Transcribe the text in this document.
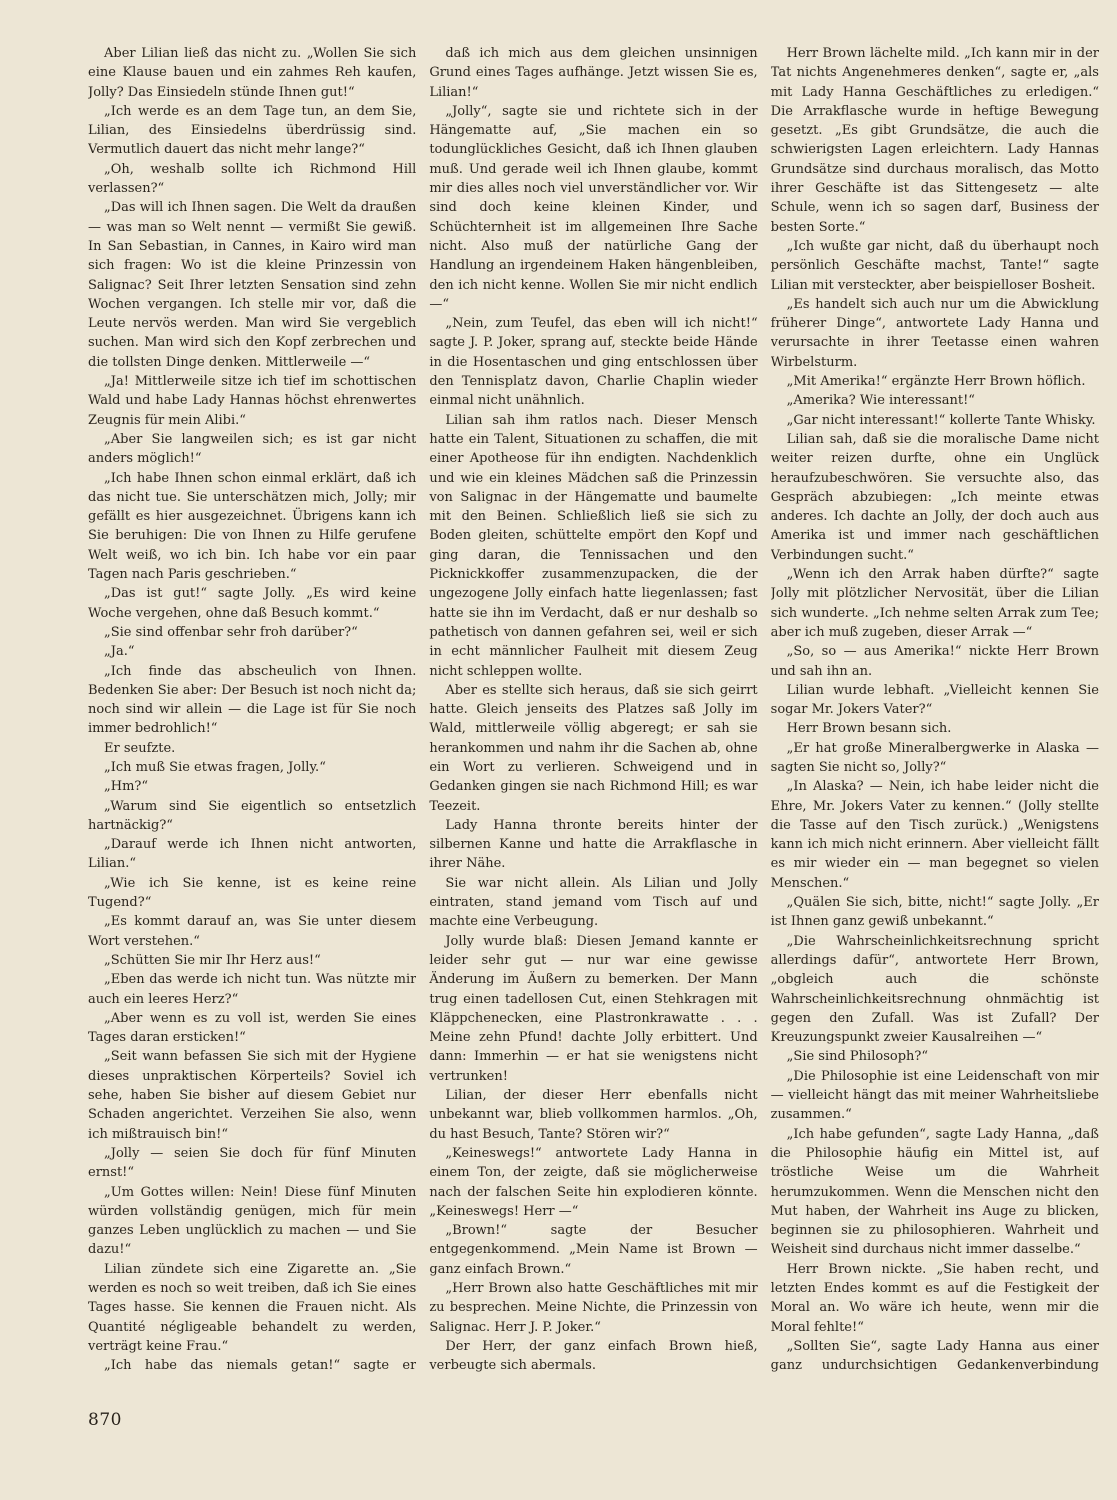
Aber Lilian ließ das nicht zu. „Wollen Sie sich eine Klause bauen und ein zahmes Reh kaufen, Jolly? Das Einsiedeln stünde Ihnen gut!“

„Ich werde es an dem Tage tun, an dem Sie, Lilian, des Einsiedelns überdrüssig sind. Vermutlich dauert das nicht mehr lange?“

„Oh, weshalb sollte ich Richmond Hill verlassen?“

„Das will ich Ihnen sagen. Die Welt da draußen — was man so Welt nennt — vermißt Sie gewiß. In San Sebastian, in Cannes, in Kairo wird man sich fragen: Wo ist die kleine Prinzessin von Salignac? Seit Ihrer letzten Sensation sind zehn Wochen vergangen. Ich stelle mir vor, daß die Leute nervös werden. Man wird Sie vergeblich suchen. Man wird sich den Kopf zerbrechen und die tollsten Dinge denken. Mittlerweile —“

„Ja! Mittlerweile sitze ich tief im schottischen Wald und habe Lady Hannas höchst ehrenwertes Zeugnis für mein Alibi.“

„Aber Sie langweilen sich; es ist gar nicht anders möglich!“

„Ich habe Ihnen schon einmal erklärt, daß ich das nicht tue. Sie unterschätzen mich, Jolly; mir gefällt es hier ausgezeichnet. Übrigens kann ich Sie beruhigen: Die von Ihnen zu Hilfe gerufene Welt weiß, wo ich bin. Ich habe vor ein paar Tagen nach Paris geschrieben.“

„Das ist gut!“ sagte Jolly. „Es wird keine Woche vergehen, ohne daß Besuch kommt.“

„Sie sind offenbar sehr froh darüber?“

„Ja.“

„Ich finde das abscheulich von Ihnen. Bedenken Sie aber: Der Besuch ist noch nicht da; noch sind wir allein — die Lage ist für Sie noch immer bedrohlich!“

Er seufzte.

„Ich muß Sie etwas fragen, Jolly.“

„Hm?“

„Warum sind Sie eigentlich so entsetzlich hartnäckig?“

„Darauf werde ich Ihnen nicht antworten, Lilian.“

„Wie ich Sie kenne, ist es keine reine Tugend?“

„Es kommt darauf an, was Sie unter diesem Wort verstehen.“

„Schütten Sie mir Ihr Herz aus!“

„Eben das werde ich nicht tun. Was nützte mir auch ein leeres Herz?“

„Aber wenn es zu voll ist, werden Sie eines Tages daran ersticken!“

„Seit wann befassen Sie sich mit der Hygiene dieses unpraktischen Körperteils? Soviel ich sehe, haben Sie bisher auf diesem Gebiet nur Schaden angerichtet. Verzeihen Sie also, wenn ich mißtrauisch bin!“

„Jolly — seien Sie doch für fünf Minuten ernst!“

„Um Gottes willen: Nein! Diese fünf Minuten würden vollständig genügen, mich für mein ganzes Leben unglücklich zu machen — und Sie dazu!“

Lilian zündete sich eine Zigarette an. „Sie werden es noch so weit treiben, daß ich Sie eines Tages hasse. Sie kennen die Frauen nicht. Als Quantité négligeable behandelt zu werden, verträgt keine Frau.“

„Ich habe das niemals getan!“ sagte er

daß ich mich aus dem gleichen unsinnigen Grund eines Tages aufhänge. Jetzt wissen Sie es, Lilian!“

„Jolly“, sagte sie und richtete sich in der Hängematte auf, „Sie machen ein so todunglückliches Gesicht, daß ich Ihnen glauben muß. Und gerade weil ich Ihnen glaube, kommt mir dies alles noch viel unverständlicher vor. Wir sind doch keine kleinen Kinder, und Schüchternheit ist im allgemeinen Ihre Sache nicht. Also muß der natürliche Gang der Handlung an irgendeinem Haken hängenbleiben, den ich nicht kenne. Wollen Sie mir nicht endlich —“

„Nein, zum Teufel, das eben will ich nicht!“ sagte J. P. Joker, sprang auf, steckte beide Hände in die Hosentaschen und ging entschlossen über den Tennisplatz davon, Charlie Chaplin wieder einmal nicht unähnlich.

Lilian sah ihm ratlos nach. Dieser Mensch hatte ein Talent, Situationen zu schaffen, die mit einer Apotheose für ihn endigten. Nachdenklich und wie ein kleines Mädchen saß die Prinzessin von Salignac in der Hängematte und baumelte mit den Beinen. Schließlich ließ sie sich zu Boden gleiten, schüttelte empört den Kopf und ging daran, die Tennissachen und den Picknickkoffer zusammenzupacken, die der ungezogene Jolly einfach hatte liegenlassen; fast hatte sie ihn im Verdacht, daß er nur deshalb so pathetisch von dannen gefahren sei, weil er sich in echt männlicher Faulheit mit diesem Zeug nicht schleppen wollte.

Aber es stellte sich heraus, daß sie sich geirrt hatte. Gleich jenseits des Platzes saß Jolly im Wald, mittlerweile völlig abgeregt; er sah sie herankommen und nahm ihr die Sachen ab, ohne ein Wort zu verlieren. Schweigend und in Gedanken gingen sie nach Richmond Hill; es war Teezeit.

Lady Hanna thronte bereits hinter der silbernen Kanne und hatte die Arrakflasche in ihrer Nähe.

Sie war nicht allein. Als Lilian und Jolly eintraten, stand jemand vom Tisch auf und machte eine Verbeugung.

Jolly wurde blaß: Diesen Jemand kannte er leider sehr gut — nur war eine gewisse Änderung im Äußern zu bemerken. Der Mann trug einen tadellosen Cut, einen Stehkragen mit Kläppchenecken, eine Plastronkrawatte . . . Meine zehn Pfund! dachte Jolly erbittert. Und dann: Immerhin — er hat sie wenigstens nicht vertrunken!

Lilian, der dieser Herr ebenfalls nicht unbekannt war, blieb vollkommen harmlos. „Oh, du hast Besuch, Tante? Stören wir?“

„Keineswegs!“ antwortete Lady Hanna in einem Ton, der zeigte, daß sie möglicherweise nach der falschen Seite hin explodieren könnte. „Keineswegs! Herr —“

„Brown!“ sagte der Besucher entgegenkommend. „Mein Name ist Brown — ganz einfach Brown.“

„Herr Brown also hatte Geschäftliches mit mir zu besprechen. Meine Nichte, die Prinzessin von Salignac. Herr J. P. Joker.“

Der Herr, der ganz einfach Brown hieß, verbeugte sich abermals.

Herr Brown lächelte mild. „Ich kann mir in der Tat nichts Angenehmeres denken“, sagte er, „als mit Lady Hanna Geschäftliches zu erledigen.“ Die Arrakflasche wurde in heftige Bewegung gesetzt. „Es gibt Grundsätze, die auch die schwierigsten Lagen erleichtern. Lady Hannas Grundsätze sind durchaus moralisch, das Motto ihrer Geschäfte ist das Sittengesetz — alte Schule, wenn ich so sagen darf, Business der besten Sorte.“

„Ich wußte gar nicht, daß du überhaupt noch persönlich Geschäfte machst, Tante!“ sagte Lilian mit versteckter, aber beispielloser Bosheit.

„Es handelt sich auch nur um die Abwicklung früherer Dinge“, antwortete Lady Hanna und verursachte in ihrer Teetasse einen wahren Wirbelsturm.

„Mit Amerika!“ ergänzte Herr Brown höflich.

„Amerika? Wie interessant!“

„Gar nicht interessant!“ kollerte Tante Whisky.

Lilian sah, daß sie die moralische Dame nicht weiter reizen durfte, ohne ein Unglück heraufzubeschwören. Sie versuchte also, das Gespräch abzubiegen: „Ich meinte etwas anderes. Ich dachte an Jolly, der doch auch aus Amerika ist und immer nach geschäftlichen Verbindungen sucht.“

„Wenn ich den Arrak haben dürfte?“ sagte Jolly mit plötzlicher Nervosität, über die Lilian sich wunderte. „Ich nehme selten Arrak zum Tee; aber ich muß zugeben, dieser Arrak —“

„So, so — aus Amerika!“ nickte Herr Brown und sah ihn an.

Lilian wurde lebhaft. „Vielleicht kennen Sie sogar Mr. Jokers Vater?“

Herr Brown besann sich.

„Er hat große Mineralbergwerke in Alaska — sagten Sie nicht so, Jolly?“

„In Alaska? — Nein, ich habe leider nicht die Ehre, Mr. Jokers Vater zu kennen.“ (Jolly stellte die Tasse auf den Tisch zurück.) „Wenigstens kann ich mich nicht erinnern. Aber vielleicht fällt es mir wieder ein — man begegnet so vielen Menschen.“

„Quälen Sie sich, bitte, nicht!“ sagte Jolly. „Er ist Ihnen ganz gewiß unbekannt.“

„Die Wahrscheinlichkeitsrechnung spricht allerdings dafür“, antwortete Herr Brown, „obgleich auch die schönste Wahrscheinlichkeitsrechnung ohnmächtig ist gegen den Zufall. Was ist Zufall? Der Kreuzungspunkt zweier Kausalreihen —“

„Sie sind Philosoph?“

„Die Philosophie ist eine Leidenschaft von mir — vielleicht hängt das mit meiner Wahrheitsliebe zusammen.“

„Ich habe gefunden“, sagte Lady Hanna, „daß die Philosophie häufig ein Mittel ist, auf tröstliche Weise um die Wahrheit herumzukommen. Wenn die Menschen nicht den Mut haben, der Wahrheit ins Auge zu blicken, beginnen sie zu philosophieren. Wahrheit und Weisheit sind durchaus nicht immer dasselbe.“

Herr Brown nickte. „Sie haben recht, und letzten Endes kommt es auf die Festigkeit der Moral an. Wo wäre ich heute, wenn mir die Moral fehlte!“

„Sollten Sie“, sagte Lady Hanna aus einer ganz undurchsichtigen Gedankenverbindung

870
